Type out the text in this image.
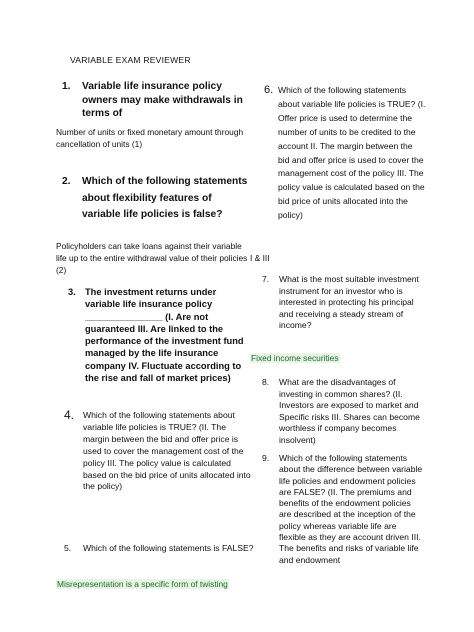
VARIABLE EXAM REVIEWER
1.	Variable life insurance policy owners may make withdrawals in terms of
Number of units or fixed monetary amount through cancellation of units (1)
2.	Which of the following statements about flexibility features of variable life policies is false?
Policyholders can take loans against their variable life up to the entire withdrawal value of their policies (2)
3. The investment returns under variable life insurance policy _______________ (I. Are not guaranteed III. Are linked to the performance of the investment fund managed by the life insurance company IV. Fluctuate according to the rise and fall of market prices)
4.	Which of the following statements about variable life policies is TRUE? (II. The margin between the bid and offer price is used to cover the management cost of the policy III. The policy value is calculated based on the bid price of units allocated into the policy)
5.	Which of the following statements is FALSE?
Misrepresentation is a specific form of twisting
6. Which of the following statements about variable life policies is TRUE? (I. Offer price is used to determine the number of units to be credited to the account II. The margin between the bid and offer price is used to cover the management cost of the policy III. The policy value is calculated based on the bid price of units allocated into the policy)
I & III
7.	What is the most suitable investment instrument for an investor who is interested in protecting his principal and receiving a steady stream of income?
Fixed income securities
8.	What are the disadvantages of investing in common shares? (II. Investors are exposed to market and Specific risks III. Shares can become worthless if company becomes insolvent)
9.	Which of the following statements about the difference between variable life policies and endowment policies are FALSE? (II. The premiums and benefits of the endowment policies are described at the inception of the policy whereas variable life are flexible as they are account driven III. The benefits and risks of variable life and endowment
